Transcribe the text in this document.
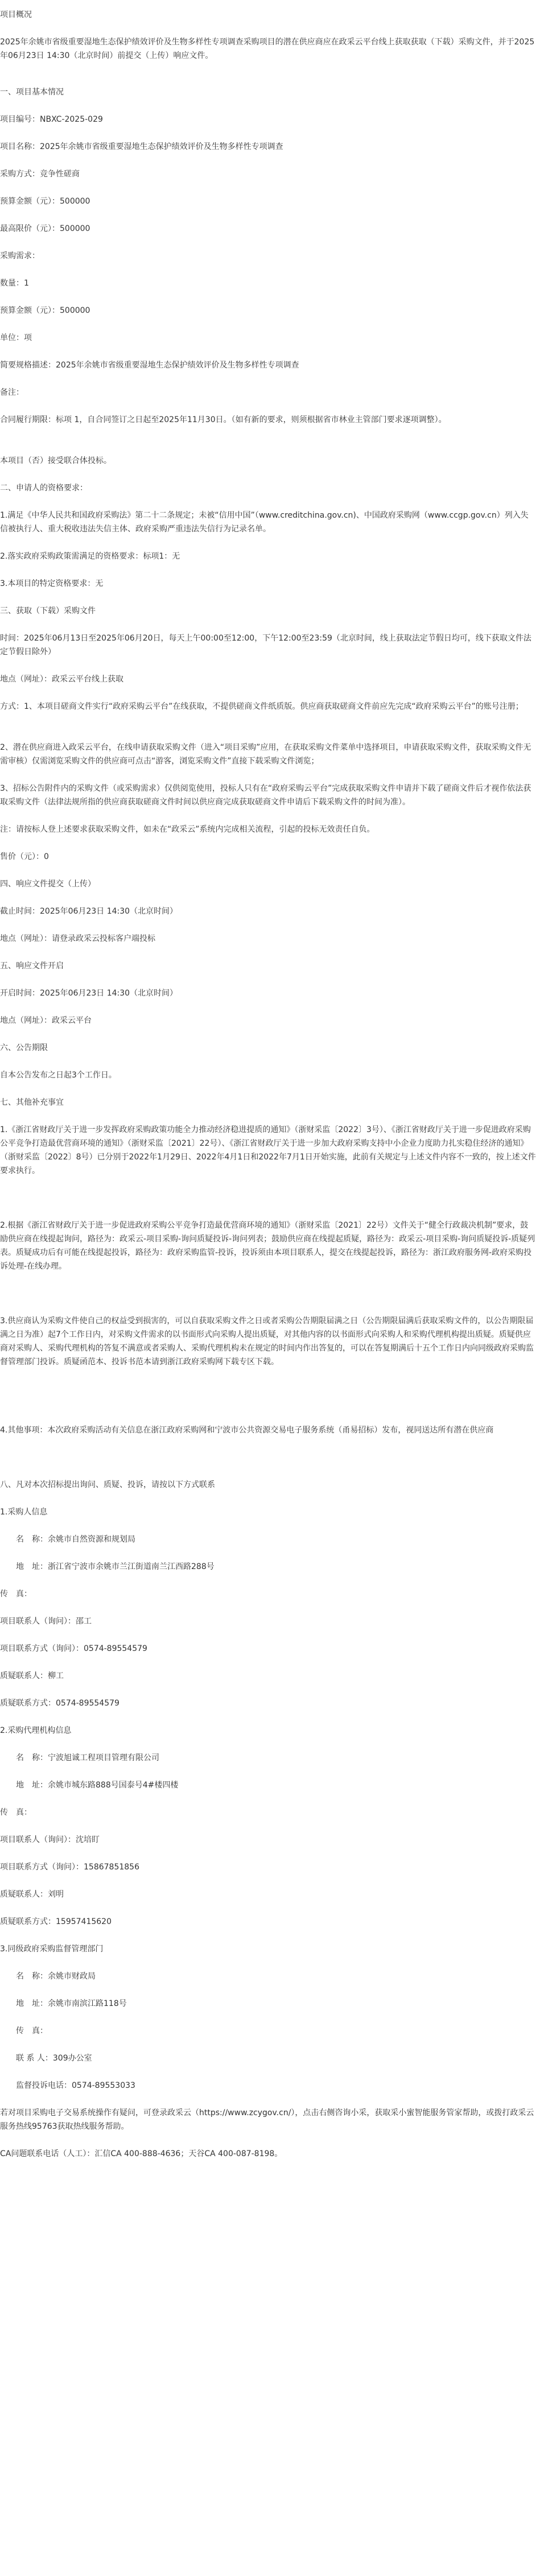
项目概况

2025年余姚市省级重要湿地生态保护绩效评价及生物多样性专项调查采购项目的潜在供应商应在政采云平台线上获取获取（下载）采购文件，并于2025年06月23日 14:30（北京时间）前提交（上传）响应文件。

一、项目基本情况

项目编号：NBXC-2025-029

项目名称：2025年余姚市省级重要湿地生态保护绩效评价及生物多样性专项调查

采购方式：竞争性磋商

预算金额（元）：500000

最高限价（元）：500000

采购需求：

数量：1

预算金额（元）：500000

单位：项

简要规格描述：2025年余姚市省级重要湿地生态保护绩效评价及生物多样性专项调查

备注：

合同履行期限：标项 1，自合同签订之日起至2025年11月30日。（如有新的要求，则须根据省市林业主管部门要求逐项调整）。

本项目（否）接受联合体投标。

二、申请人的资格要求：

1.满足《中华人民共和国政府采购法》第二十二条规定；未被“信用中国”（www.creditchina.gov.cn)、中国政府采购网（www.ccgp.gov.cn）列入失信被执行人、重大税收违法失信主体、政府采购严重违法失信行为记录名单。

2.落实政府采购政策需满足的资格要求：标项1：无

3.本项目的特定资格要求：无

三、获取（下载）采购文件

时间：2025年06月13日至2025年06月20日，每天上午00:00至12:00，下午12:00至23:59（北京时间，线上获取法定节假日均可，线下获取文件法定节假日除外）

地点（网址）：政采云平台线上获取

方式：1、本项目磋商文件实行“政府采购云平台”在线获取，不提供磋商文件纸质版。供应商获取磋商文件前应先完成“政府采购云平台”的账号注册；

2、潜在供应商进入政采云平台，在线申请获取采购文件（进入“项目采购”应用，在获取采购文件菜单中选择项目，申请获取采购文件，获取采购文件无需审核）仅需浏览采购文件的供应商可点击“游客，浏览采购文件”直接下载采购文件浏览；

3、招标公告附件内的采购文件（或采购需求）仅供阅览使用，投标人只有在“政府采购云平台”完成获取采购文件申请并下载了磋商文件后才视作依法获取采购文件（法律法规所指的供应商获取磋商文件时间以供应商完成获取磋商文件申请后下载采购文件的时间为准）。

注：请按标人登上述要求获取采购文件，如未在“政采云”系统内完成相关流程，引起的投标无效责任自负。

售价（元）：0

四、响应文件提交（上传）

截止时间：2025年06月23日 14:30（北京时间）

地点（网址）：请登录政采云投标客户端投标

五、响应文件开启

开启时间：2025年06月23日 14:30（北京时间）

地点（网址）：政采云平台

六、公告期限

自本公告发布之日起3个工作日。

七、其他补充事宜

1.《浙江省财政厅关于进一步发挥政府采购政策功能全力推动经济稳进提质的通知》（浙财采监〔2022〕3号）、《浙江省财政厅关于进一步促进政府采购公平竞争打造最优营商环境的通知》（浙财采监〔2021〕22号）、《浙江省财政厅关于进一步加大政府采购支持中小企业力度助力扎实稳住经济的通知》（浙财采监〔2022〕8号）已分别于2022年1月29日、2022年4月1日和2022年7月1日开始实施，此前有关规定与上述文件内容不一致的，按上述文件要求执行。

2.根据《浙江省财政厅关于进一步促进政府采购公平竞争打造最优营商环境的通知》（浙财采监〔2021〕22号）文件关于“健全行政裁决机制”要求，鼓励供应商在线提起询问，路径为：政采云-项目采购-询问质疑投诉-询问列表；鼓励供应商在线提起质疑，路径为：政采云-项目采购-询问质疑投诉-质疑列表。质疑成功后有可能在线提起投诉，路径为：政府采购监管-投诉，投诉须由本项目联系人，提交在线提起投诉，路径为：浙江政府服务网-政府采购投诉处理-在线办理。

3.供应商认为采购文件使自己的权益受到损害的，可以自获取采购文件之日或者采购公告期限届满之日（公告期限届满后获取采购文件的，以公告期限届满之日为准）起7个工作日内，对采购文件需求的以书面形式向采购人提出质疑，对其他内容的以书面形式向采购人和采购代理机构提出质疑。质疑供应商对采购人、采购代理机构的答复不满意或者采购人、采购代理机构未在规定的时间内作出答复的，可以在答复期满后十五个工作日内向同级政府采购监督管理部门投诉。质疑函范本、投诉书范本请到浙江政府采购网下载专区下载。

4.其他事项：本次政府采购活动有关信息在浙江政府采购网和宁波市公共资源交易电子服务系统（甬易招标）发布，视同送达所有潜在供应商

八、凡对本次招标提出询问、质疑、投诉，请按以下方式联系

1.采购人信息

名　称：余姚市自然资源和规划局

地　址：浙江省宁波市余姚市兰江街道南兰江西路288号

传　真：

项目联系人（询问）：邵工

项目联系方式（询问）：0574-89554579

质疑联系人：柳工

质疑联系方式：0574-89554579

2.采购代理机构信息

名　称：宁波旭诚工程项目管理有限公司

地　址：余姚市城东路888号国泰号4#楼四楼

传　真：

项目联系人（询问）：沈培盯

项目联系方式（询问）：15867851856

质疑联系人：刘明

质疑联系方式：15957415620

3.同级政府采购监督管理部门

名　称：余姚市财政局

地　址：余姚市南滨江路118号

传　真：

联 系 人：309办公室

监督投诉电话：0574-89553033

若对项目采购电子交易系统操作有疑问，可登录政采云（https://www.zcygov.cn/），点击右侧咨询小采，获取采小蜜智能服务管家帮助，或拨打政采云服务热线95763获取热线服务帮助。

CA问题联系电话（人工）：汇信CA 400-888-4636；天谷CA 400-087-8198。
